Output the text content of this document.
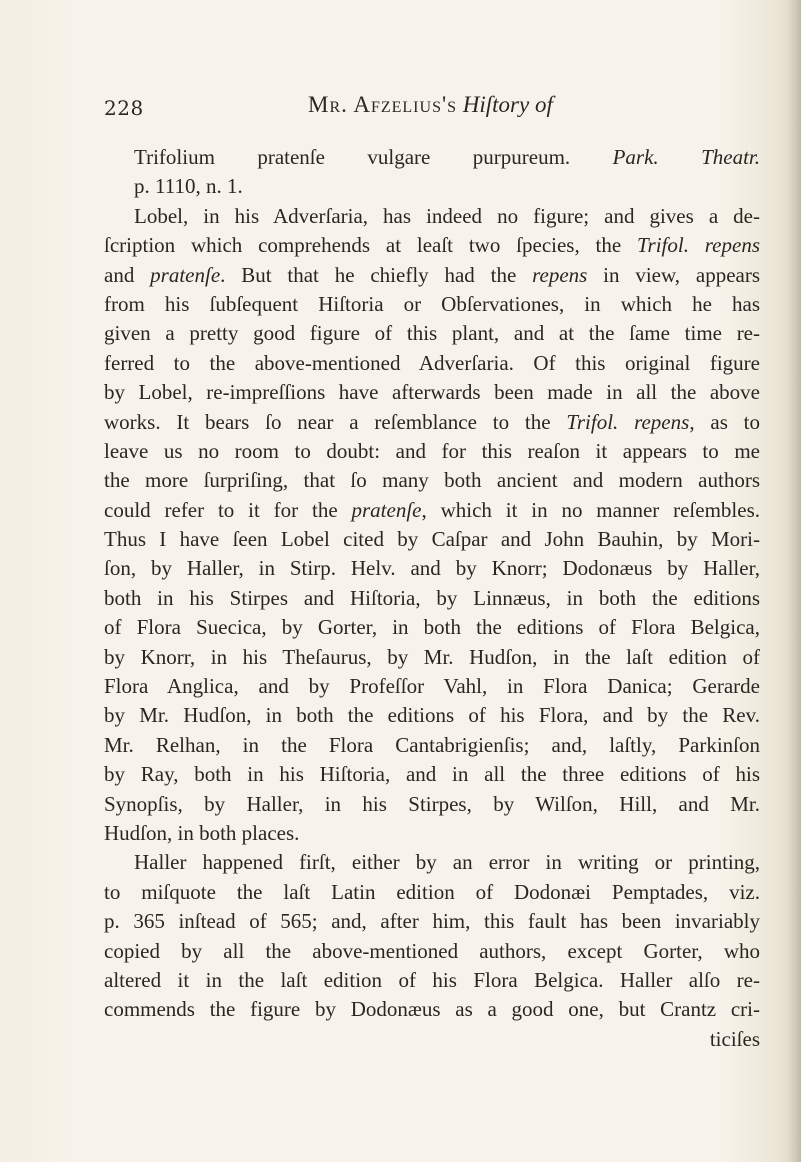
228	Mr. Afzelius's Hiſtory of
Trifolium pratenſe vulgare purpureum. Park. Theatr.
p. 1110, n. 1.
Lobel, in his Adverſaria, has indeed no figure; and gives a de-
ſcription which comprehends at leaſt two ſpecies, the Trifol. repens
and pratenſe. But that he chiefly had the repens in view, appears
from his ſubſequent Hiſtoria or Obſervationes, in which he has
given a pretty good figure of this plant, and at the ſame time re-
ferred to the above-mentioned Adverſaria. Of this original figure
by Lobel, re-impreſſions have afterwards been made in all the above
works. It bears ſo near a reſemblance to the Trifol. repens, as to
leave us no room to doubt: and for this reaſon it appears to me
the more ſurpriſing, that ſo many both ancient and modern authors
could refer to it for the pratenſe, which it in no manner reſembles.
Thus I have ſeen Lobel cited by Caſpar and John Bauhin, by Mori-
ſon, by Haller, in Stirp. Helv. and by Knorr; Dodonæus by Haller,
both in his Stirpes and Hiſtoria, by Linnæus, in both the editions
of Flora Suecica, by Gorter, in both the editions of Flora Belgica,
by Knorr, in his Theſaurus, by Mr. Hudſon, in the laſt edition of
Flora Anglica, and by Profeſſor Vahl, in Flora Danica; Gerarde
by Mr. Hudſon, in both the editions of his Flora, and by the Rev.
Mr. Relhan, in the Flora Cantabrigienſis; and, laſtly, Parkinſon
by Ray, both in his Hiſtoria, and in all the three editions of his
Synopſis, by Haller, in his Stirpes, by Wilſon, Hill, and Mr.
Hudſon, in both places.
Haller happened firſt, either by an error in writing or printing,
to miſquote the laſt Latin edition of Dodonæi Pemptades, viz.
p. 365 inſtead of 565; and, after him, this fault has been invariably
copied by all the above-mentioned authors, except Gorter, who
altered it in the laſt edition of his Flora Belgica. Haller alſo re-
commends the figure by Dodonæus as a good one, but Crantz cri-
ticiſes
